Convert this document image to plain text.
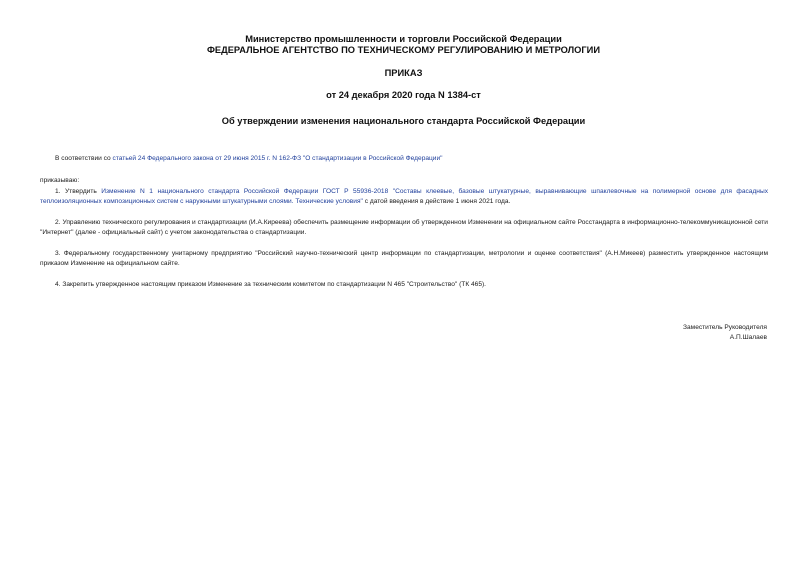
Министерство промышленности и торговли Российской Федерации
ФЕДЕРАЛЬНОЕ АГЕНТСТВО ПО ТЕХНИЧЕСКОМУ РЕГУЛИРОВАНИЮ И МЕТРОЛОГИИ
ПРИКАЗ
от 24 декабря 2020 года N 1384-ст
Об утверждении изменения национального стандарта Российской Федерации
В соответствии со статьей 24 Федерального закона от 29 июня 2015 г. N 162-ФЗ "О стандартизации в Российской Федерации"
приказываю:
1. Утвердить Изменение N 1 национального стандарта Российской Федерации ГОСТ Р 55936-2018 "Составы клеевые, базовые штукатурные, выравнивающие шпаклевочные на полимерной основе для фасадных теплоизоляционных композиционных систем с наружными штукатурными слоями. Технические условия" с датой введения в действие 1 июня 2021 года.
2. Управлению технического регулирования и стандартизации (И.А.Киреева) обеспечить размещение информации об утвержденном Изменении на официальном сайте Росстандарта в информационно-телекоммуникационной сети "Интернет" (далее - официальный сайт) с учетом законодательства о стандартизации.
3. Федеральному государственному унитарному предприятию "Российский научно-технический центр информации по стандартизации, метрологии и оценке соответствия" (А.Н.Микеев) разместить утвержденное настоящим приказом Изменение на официальном сайте.
4. Закрепить утвержденное настоящим приказом Изменение за техническим комитетом по стандартизации N 465 "Строительство" (ТК 465).
Заместитель Руководителя
А.П.Шалаев
